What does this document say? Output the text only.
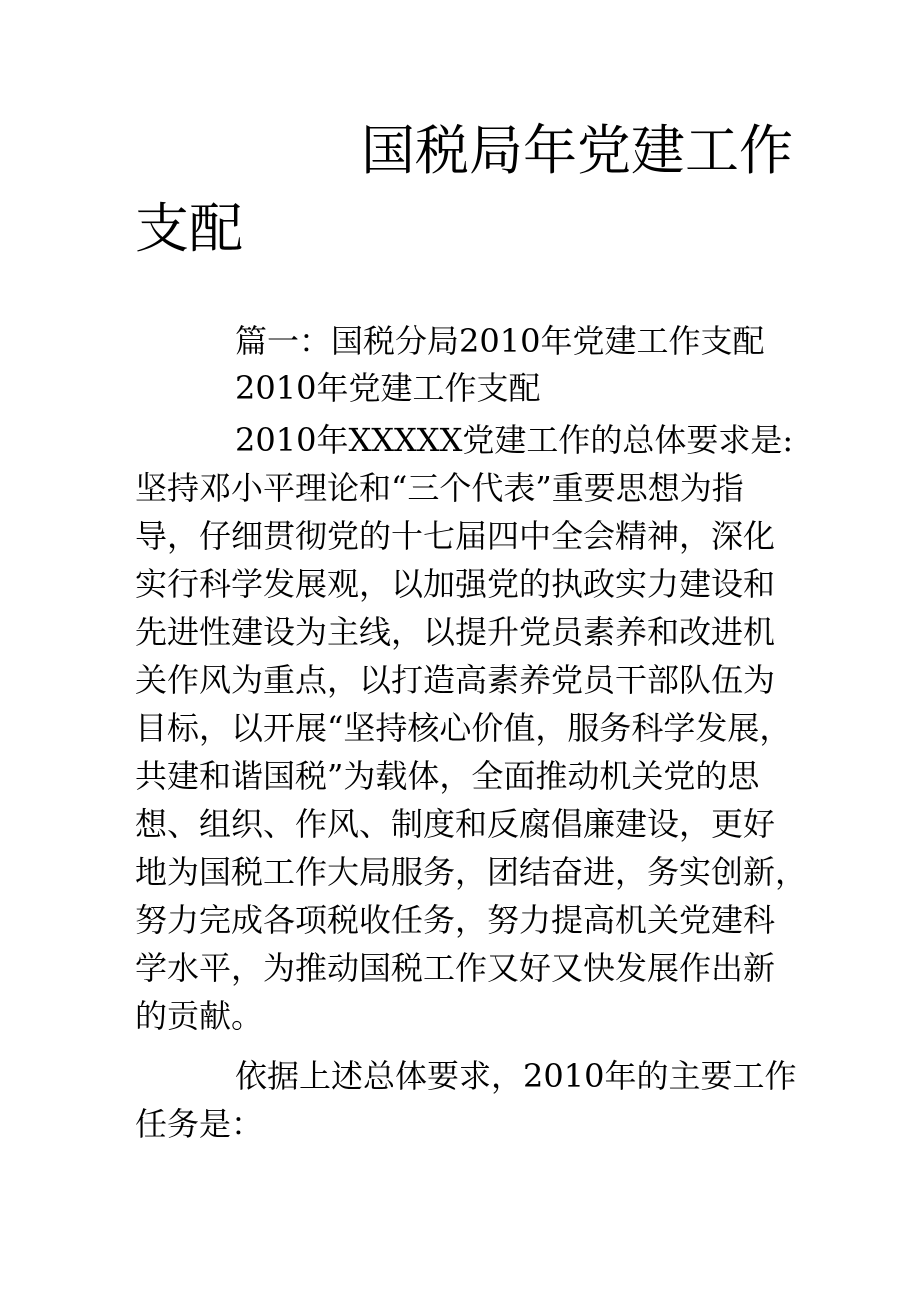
国税局年党建工作
支配
篇一：国税分局2010年党建工作支配
2010年党建工作支配
2010年XXXXX党建工作的总体要求是:
坚持邓小平理论和“三个代表”重要思想为指
导，仔细贯彻党的十七届四中全会精神，深化
实行科学发展观，以加强党的执政实力建设和
先进性建设为主线，以提升党员素养和改进机
关作风为重点，以打造高素养党员干部队伍为
目标，以开展“坚持核心价值，服务科学发展，
共建和谐国税”为载体，全面推动机关党的思
想、组织、作风、制度和反腐倡廉建设，更好
地为国税工作大局服务，团结奋进，务实创新，
努力完成各项税收任务，努力提高机关党建科
学水平，为推动国税工作又好又快发展作出新
的贡献。
依据上述总体要求，2010年的主要工作
任务是：
